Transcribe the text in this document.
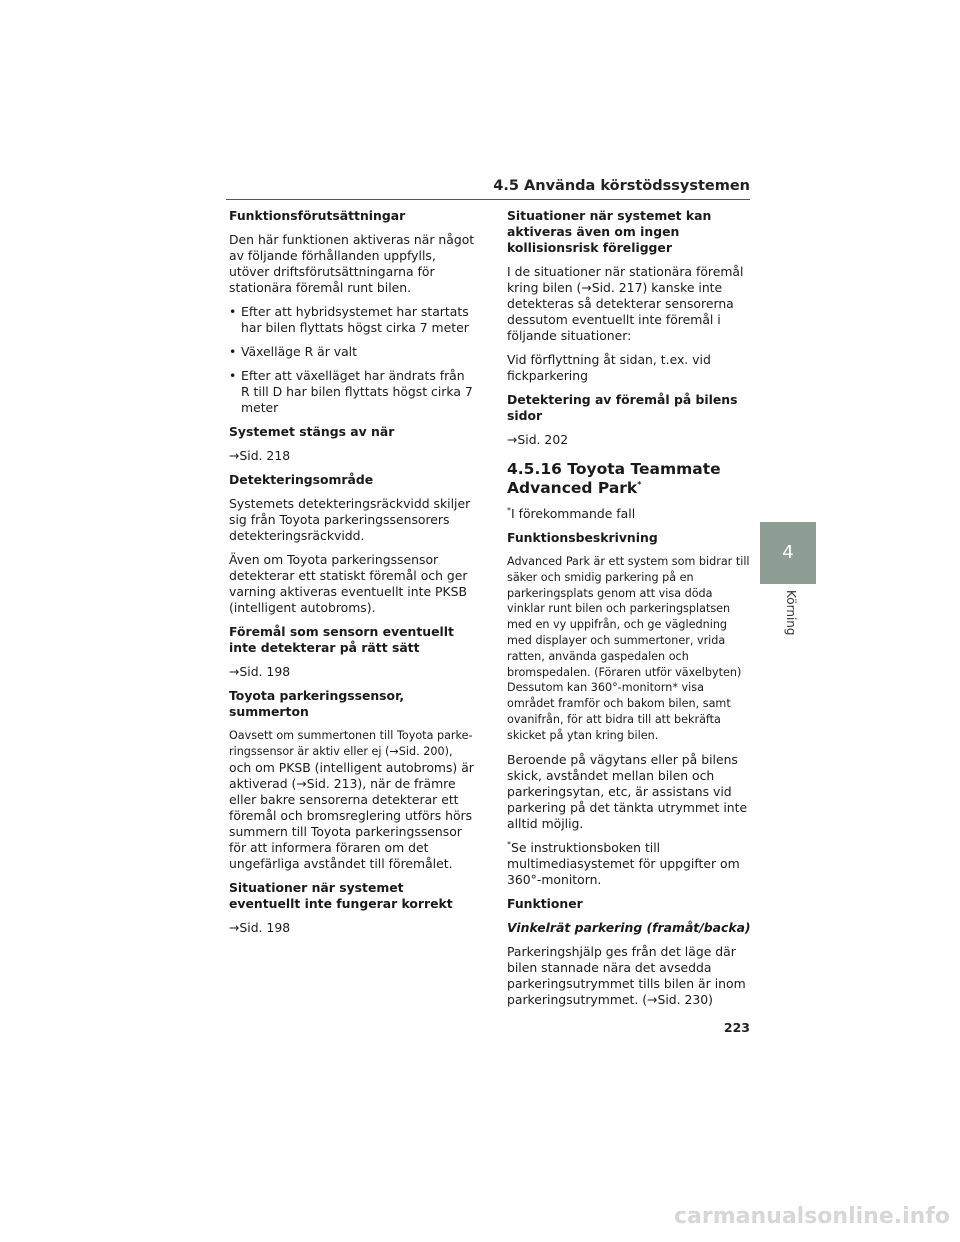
4.5 Använda körstödssystemen

Funktionsförutsättningar

Den här funktionen aktiveras när något av följande förhållanden uppfylls, utöver driftsförutsättningarna för stationära föremål runt bilen.

• Efter att hybridsystemet har startats har bilen flyttats högst cirka 7 meter

• Växelläge R är valt

• Efter att växelläget har ändrats från R till D har bilen flyttats högst cirka 7 meter

Systemet stängs av när

→Sid. 218

Detekteringsområde

Systemets detekteringsräckvidd skiljer sig från Toyota parkeringssensorers detekteringsräckvidd.

Även om Toyota parkeringssensor detekterar ett statiskt föremål och ger varning aktiveras eventuellt inte PKSB (intelligent autobroms).

Föremål som sensorn eventuellt inte detekterar på rätt sätt

→Sid. 198

Toyota parkeringssensor, summerton

Oavsett om summertonen till Toyota parke-ringssensor är aktiv eller ej (→Sid. 200),
och om PKSB (intelligent autobroms) är aktiverad (→Sid. 213), när de främre eller bakre sensorerna detekterar ett föremål och bromsreglering utförs hörs summern till Toyota parkeringssensor för att informera föraren om det ungefärliga avståndet till föremålet.

Situationer när systemet eventuellt inte fungerar korrekt

→Sid. 198

Situationer när systemet kan aktiveras även om ingen kollisionsrisk föreligger

I de situationer när stationära föremål kring bilen (→Sid. 217) kanske inte detekteras så detekterar sensorerna dessutom eventuellt inte föremål i följande situationer:

Vid förflyttning åt sidan, t.ex. vid fickparkering

Detektering av föremål på bilens sidor

→Sid. 202

4.5.16 Toyota Teammate Advanced Park*

*I förekommande fall

Funktionsbeskrivning

Advanced Park är ett system som bidrar till säker och smidig parkering på en parkeringsplats genom att visa döda vinklar runt bilen och parkeringsplatsen med en vy uppifrån, och ge vägledning med displayer och summertoner, vrida ratten, använda gaspedalen och bromspedalen. (Föraren utför växelbyten) Dessutom kan 360°-monitorn* visa området framför och bakom bilen, samt ovanifrån, för att bidra till att bekräfta skicket på ytan kring bilen.

Beroende på vägytans eller på bilens skick, avståndet mellan bilen och parkeringsytan, etc, är assistans vid parkering på det tänkta utrymmet inte alltid möjlig.

*Se instruktionsboken till multimediasystemet för uppgifter om 360°-monitorn.

Funktioner

Vinkelrät parkering (framåt/backa)

Parkeringshjälp ges från det läge där bilen stannade nära det avsedda parkeringsutrymmet tills bilen är inom parkeringsutrymmet. (→Sid. 230)

4
Körning
223
carmanualsonline.info
